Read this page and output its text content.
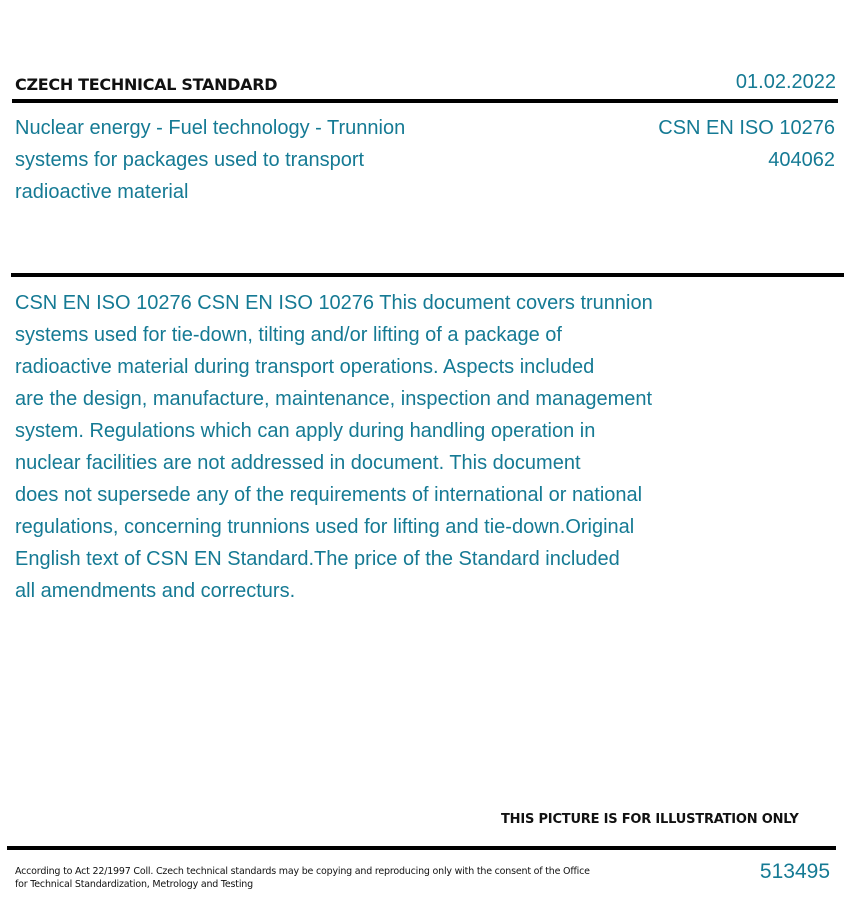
CZECH TECHNICAL STANDARD	01.02.2022
Nuclear energy - Fuel technology - Trunnion
systems for packages used to transport
radioactive material
CSN EN ISO 10276
404062
CSN EN ISO 10276 CSN EN ISO 10276 This document covers trunnion
systems used for tie-down, tilting and/or lifting of a package of
radioactive material during transport operations. Aspects included
are the design, manufacture, maintenance, inspection and management
system. Regulations which can apply during handling operation in
nuclear facilities are not addressed in document. This document
does not supersede any of the requirements of international or national
regulations, concerning trunnions used for lifting and tie-down.Original
English text of CSN EN Standard.The price of the Standard included
all amendments and correcturs.
THIS PICTURE IS FOR ILLUSTRATION ONLY
According to Act 22/1997 Coll. Czech technical standards may be copying and reproducing only with the consent of the Office
for Technical Standardization, Metrology and Testing
513495
